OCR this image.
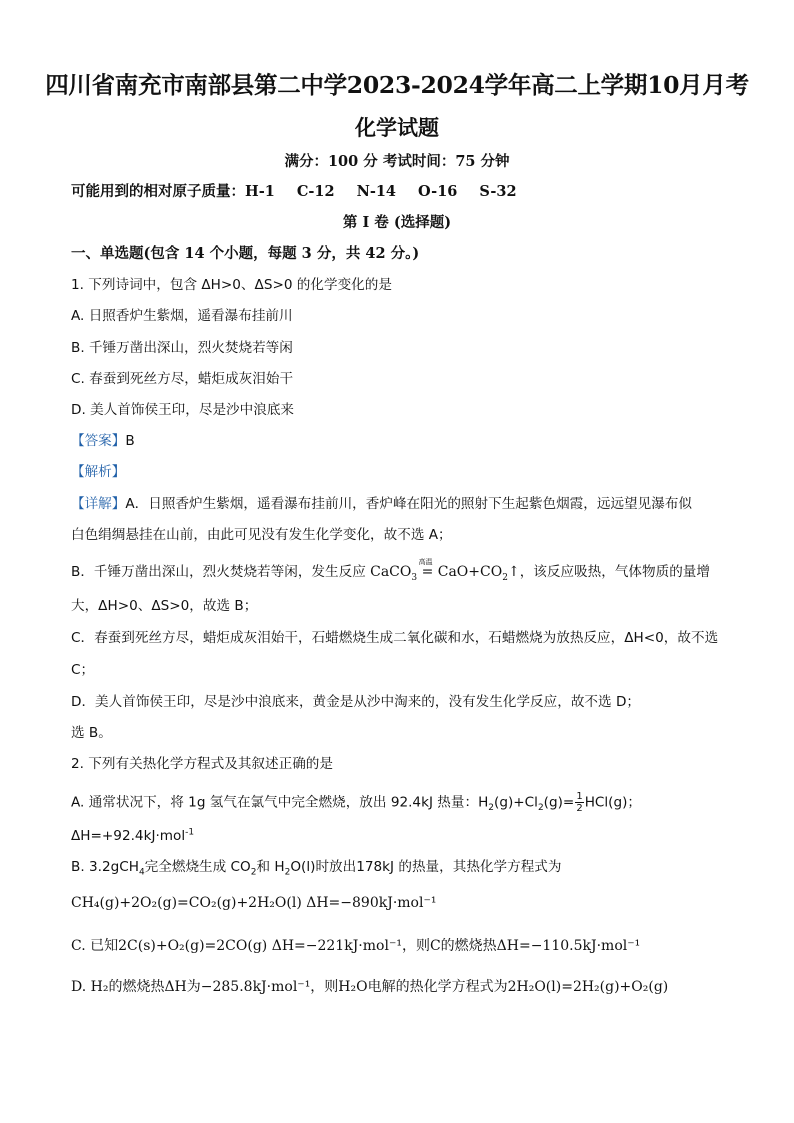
四川省南充市南部县第二中学2023-2024学年高二上学期10月月考
化学试题
满分：100 分 考试时间：75 分钟
可能用到的相对原子质量：H-1 C-12 N-14 O-16 S-32
第 I 卷 (选择题)
一、单选题(包含 14 个小题，每题 3 分，共 42 分。)
1. 下列诗词中，包含 ΔH>0、ΔS>0 的化学变化的是
A. 日照香炉生紫烟，遥看瀑布挂前川
B. 千锤万凿出深山，烈火焚烧若等闲
C. 春蚕到死丝方尽，蜡炬成灰泪始干
D. 美人首饰侯王印，尽是沙中浪底来
【答案】B
【解析】
【详解】A．日照香炉生紫烟，遥看瀑布挂前川，香炉峰在阳光的照射下生起紫色烟霞，远远望见瀑布似
白色绢绸悬挂在山前，由此可见没有发生化学变化，故不选 A；
B．千锤万凿出深山，烈火焚烧若等闲，发生反应 CaCO$_3$
高温
= $CaO+CO_2↑$，该反应吸热，气体物质的量增
大，ΔH>0、ΔS>0，故选 B；
C．春蚕到死丝方尽，蜡炬成灰泪始干，石蜡燃烧生成二氧化碳和水，石蜡燃烧为放热反应，ΔH<0，故不选
C；
D．美人首饰侯王印，尽是沙中浪底来，黄金是从沙中淘来的，没有发生化学反应，故不选 D；
选 B。
2. 下列有关热化学方程式及其叙述正确的是
A. 通常状况下，将 1g 氢气在氯气中完全燃烧，放出 92.4kJ 热量：$H_2(g)+Cl_2(g)= \frac{1}{2} HCl(g)$；
ΔH=+92.4kJ·mol$^{-1}$
B. 3.2gCH$_4$完全燃烧生成 $CO_2$和 $H_2O(l)$时放出178kJ 的热量，其热化学方程式为
CH₄(g)+2O₂(g)=CO₂(g)+2H₂O(l) ΔH=−890kJ·mol⁻¹
C. 已知2C(s)+O₂(g)=2CO(g) ΔH=−221kJ·mol⁻¹，则C的燃烧热ΔH=−110.5kJ·mol⁻¹
D. H₂的燃烧热ΔH为−285.8kJ·mol⁻¹，则H₂O电解的热化学方程式为2H₂O(l)=2H₂(g)+O₂(g)
